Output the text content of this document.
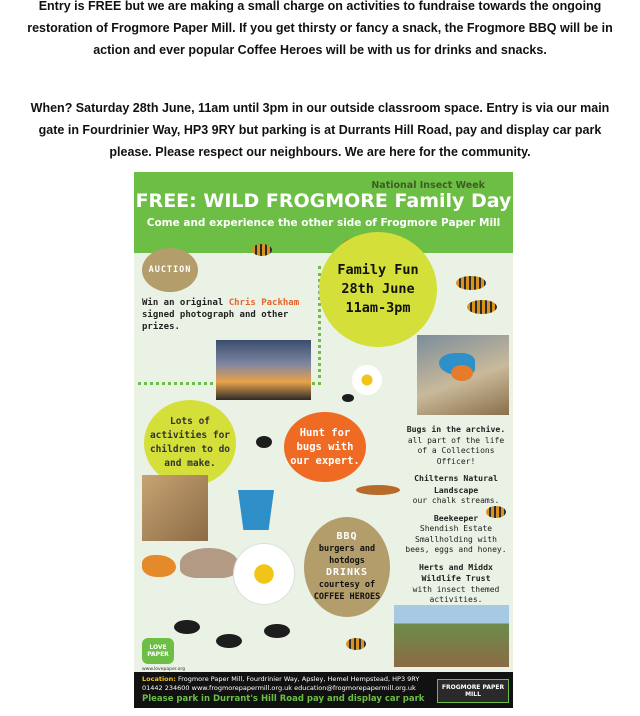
Entry is FREE but we are making a small charge on activities to fundraise towards the ongoing restoration of Frogmore Paper Mill. If you get thirsty or fancy a snack, the Frogmore BBQ will be in action and ever popular Coffee Heroes will be with us for drinks and snacks.

When? Saturday 28th June, 11am until 3pm in our outside classroom space. Entry is via our main gate in Fourdrinier Way, HP3 9RY but parking is at Durrants Hill Road, pay and display car park please. Please respect our neighbours. We are here for the community.

National Insect Week
FREE: WILD FROGMORE Family Day
Come and experience the other side of Frogmore Paper Mill
AUCTION
Win an original Chris Packham signed photograph and other prizes.
Family Fun
28th June
11am-3pm
Lots of activities for children to do and make.
Hunt for bugs with our expert.
Bugs in the archive.
all part of the life of a Collections Officer!
Chilterns Natural Landscape
our chalk streams.
Beekeeper
Shendish Estate Smallholding with bees, eggs and honey.
Herts and Middx Wildlife Trust
with insect themed activities.
BBQ
burgers and hotdogs
DRINKS
courtesy of COFFEE HEROES
LOVE PAPER
www.lovepaper.org
Location: Frogmore Paper Mill, Fourdrinier Way, Apsley, Hemel Hempstead, HP3 9RY
01442 234600 www.frogmorepapermill.org.uk education@frogmorepapermill.org.uk
Please park in Durrant's Hill Road pay and display car park
FROGMORE PAPER MILL
